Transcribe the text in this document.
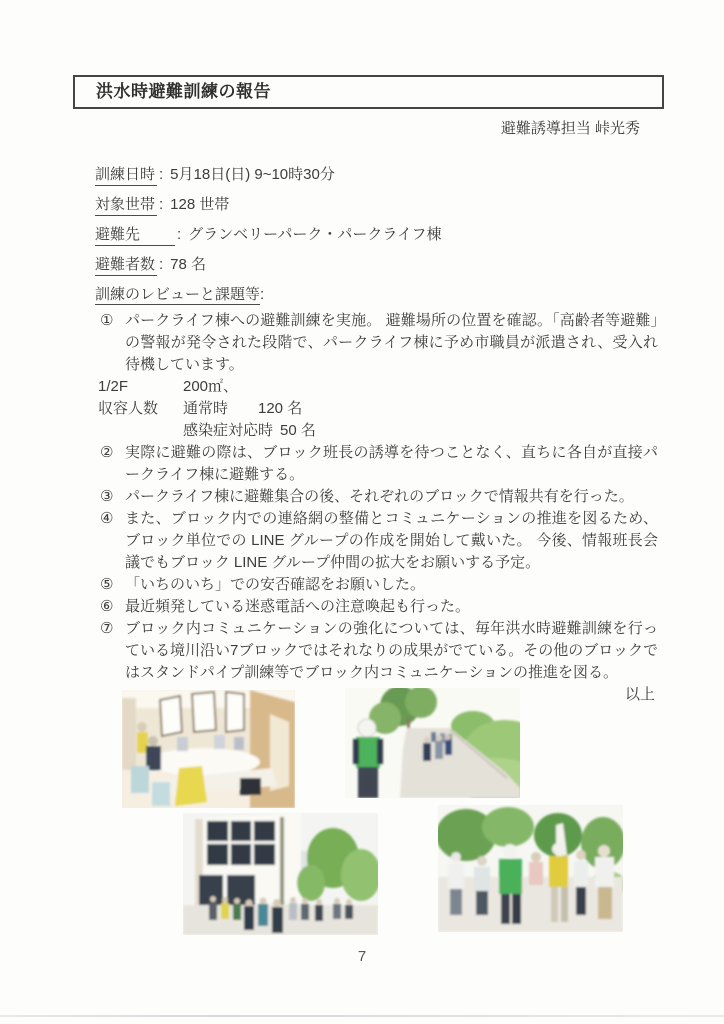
洪水時避難訓練の報告
避難誘導担当 峠光秀
訓練日時 : 5月18日(日) 9~10時30分
対象世帯 : 128 世帯
避難先 : グランベリーパーク・パークライフ棟
避難者数 : 78 名
訓練のレビューと課題等:
① パークライフ棟への避難訓練を実施。 避難場所の位置を確認。「高齢者等避難」の警報が発令された段階で、パークライフ棟に予め市職員が派遣され、受入れ待機しています。
1/2F	200㎡、
収容人数 通常時 120 名
感染症対応時 50 名
② 実際に避難の際は、ブロック班長の誘導を待つことなく、直ちに各自が直接パークライフ棟に避難する。
③ パークライフ棟に避難集合の後、それぞれのブロックで情報共有を行った。
④ また、ブロック内での連絡網の整備とコミュニケーションの推進を図るため、ブロック単位での LINE グループの作成を開始して戴いた。 今後、情報班長会議でもブロック LINE グループ仲間の拡大をお願いする予定。
⑤ 「いちのいち」での安否確認をお願いした。
⑥ 最近頻発している迷惑電話への注意喚起も行った。
⑦ ブロック内コミュニケーションの強化については、毎年洪水時避難訓練を行っている境川沿い7ブロックではそれなりの成果がでている。その他のブロックではスタンドパイプ訓練等でブロック内コミュニケーションの推進を図る。
以上
7
